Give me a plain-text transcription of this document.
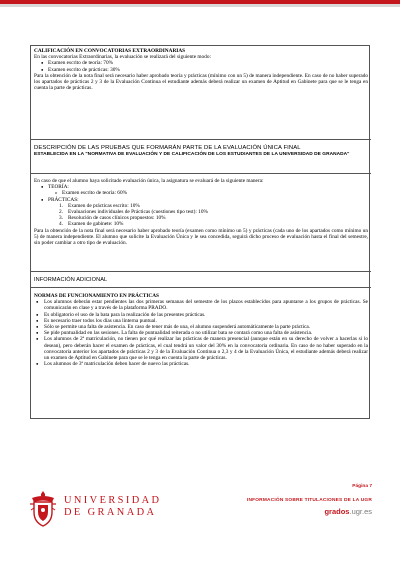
CALIFICACIÓN EN CONVOCATORIAS EXTRAORDINARIAS
En las convocatorias Extraordinarias, la evaluación se realizará del siguiente modo:
● Examen escrito de teoría: 70%
● Examen escrito de prácticas: 30%
Para la obtención de la nota final será necesario haber aprobado teoría y prácticas (mínimo con un 5) de manera independiente. En caso de no haber superado los apartados de prácticas 2 y 3 de la Evaluación Continua el estudiante además deberá realizar un examen de Aptitud en Gabinete para que se le tenga en cuenta la parte de prácticas.
DESCRIPCIÓN DE LAS PRUEBAS QUE FORMARÁN PARTE DE LA EVALUACIÓN ÚNICA FINAL
ESTABLECIDA EN LA "NORMATIVA DE EVALUACIÓN Y DE CALIFICACIÓN DE LOS ESTUDIANTES DE LA UNIVERSIDAD DE GRANADA"
En caso de que el alumno haya solicitado evaluación única, la asignatura se evaluará de la siguiente manera:
● TEORÍA:
o Examen escrito de teoría: 60%
● PRÁCTICAS:
1. Examen de prácticas escrito: 10%
2. Evaluaciones individuales de Prácticas (cuestiones tipo test): 10%
3. Resolución de casos clínicos propuestos: 10%
4. Examen de gabinete: 10%
Para la obtención de la nota final será necesario haber aprobado teoría (examen como mínimo un 5) y prácticas (cada uno de los apartados como mínimo un 5) de manera independiente. El alumno que solicite la Evaluación Única y le sea concedida, seguirá dicho proceso de evaluación hasta el final del semestre, sin poder cambiar a otro tipo de evaluación.
INFORMACIÓN ADICIONAL
NORMAS DE FUNCIONAMIENTO EN PRÁCTICAS
● Los alumnos deberán estar pendientes las dos primeras semanas del semestre de los plazos establecidos para apuntarse a los grupos de prácticas. Se comunicarán en clase y a través de la plataforma PRADO.
● Es obligatorio el uso de la bata para la realización de las presentes prácticas.
● Es necesario traer todos los días una linterna puntual.
● Sólo se permite una falta de asistencia. En caso de tener más de una, el alumno suspenderá automáticamente la parte práctica.
● Se pide puntualidad en las sesiones. La falta de puntualidad reiterada o no utilizar bata se contará como una falta de asistencia.
● Los alumnos de 2ª matriculación, no tienen por qué realizar las prácticas de manera presencial (aunque están en su derecho de volver a hacerlas si lo desean), pero deberán hacer el examen de prácticas, el cual tendrá un valor del 30% en la convocatoria ordinaria. En caso de no haber superado en la convocatoria anterior los apartados de prácticas 2 y 3 de la Evaluación Continua o 2,3 y 4 de la Evaluación Única, el estudiante además deberá realizar un examen de Aptitud en Gabinete para que se le tenga en cuenta la parte de prácticas.
● Los alumnos de 3ª matriculación deben hacer de nuevo las prácticas.
UNIVERSIDAD
DE GRANADA
Página 7
INFORMACIÓN SOBRE TITULACIONES DE LA UGR
grados.ugr.es
